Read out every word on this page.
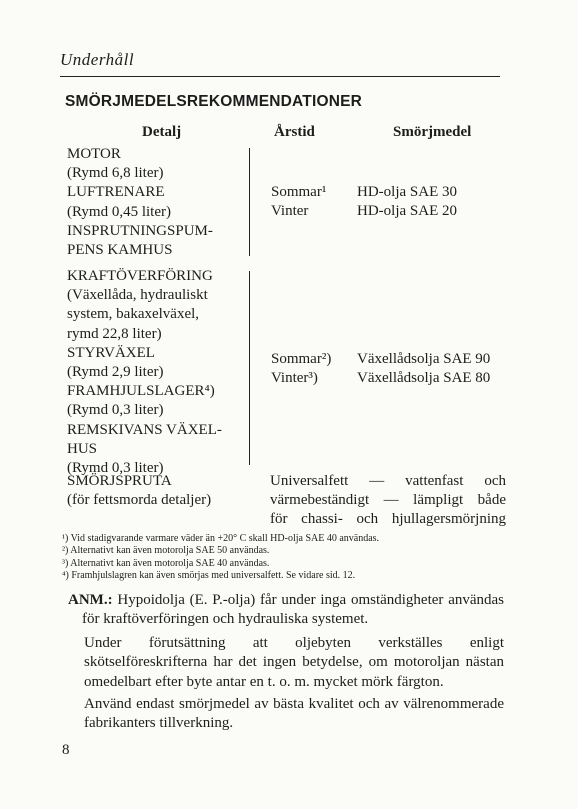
Underhåll
SMÖRJMEDELSREKOMMENDATIONER
Detalj	Årstid	Smörjmedel
MOTOR
(Rymd 6,8 liter)
LUFTRENARE
(Rymd 0,45 liter)
INSPRUTNINGSPUM-
PENS KAMHUS
Sommar¹
Vinter
HD-olja SAE 30
HD-olja SAE 20
KRAFTÖVERFÖRING
(Växellåda, hydrauliskt
system, bakaxelväxel,
rymd 22,8 liter)
STYRVÄXEL
(Rymd 2,9 liter)
FRAMHJULSLAGER⁴)
(Rymd 0,3 liter)
REMSKIVANS VÄXEL-
HUS
(Rymd 0,3 liter)
Sommar²)
Vinter³)
Växellådsolja SAE 90
Växellådsolja SAE 80
SMÖRJSPRUTA
(för fettsmorda detaljer)
Universalfett — vattenfast och
värmebeständigt — lämpligt både
för chassi- och hjullagersmörjning
¹) Vid stadigvarande varmare väder än +20° C skall HD-olja SAE 40 användas.
²) Alternativt kan även motorolja SAE 50 användas.
³) Alternativt kan även motorolja SAE 40 användas.
⁴) Framhjulslagren kan även smörjas med universalfett. Se vidare sid. 12.

ANM.: Hypoidolja (E. P.-olja) får under inga omständigheter användas för kraftöverföringen och hydrauliska systemet.

Under förutsättning att oljebyten verkställes enligt skötselföreskrifterna har det ingen betydelse, om motoroljan nästan omedelbart efter byte antar en t. o. m. mycket mörk färgton.

Använd endast smörjmedel av bästa kvalitet och av välrenommerade fabrikanters tillverkning.

8
